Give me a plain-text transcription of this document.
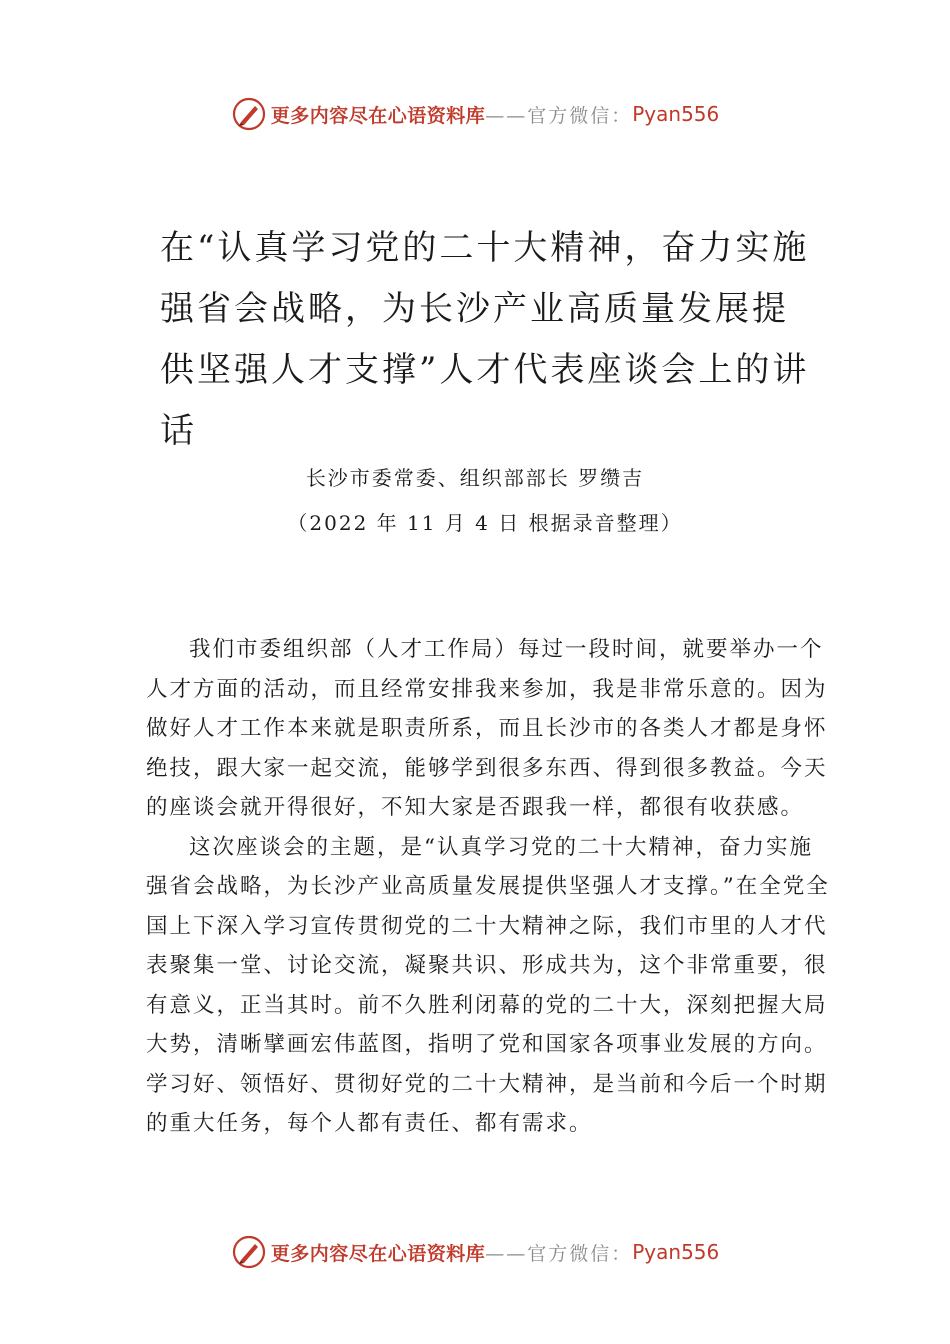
更多内容尽在心语资料库 ——官方微信： Pyan556
在“认真学习党的二十大精神，奋力实施强省会战略，为长沙产业高质量发展提供坚强人才支撑”人才代表座谈会上的讲话
长沙市委常委、组织部部长 罗缵吉
（2022 年 11 月 4 日 根据录音整理）

我们市委组织部（人才工作局）每过一段时间，就要举办一个人才方面的活动，而且经常安排我来参加，我是非常乐意的。因为做好人才工作本来就是职责所系，而且长沙市的各类人才都是身怀绝技，跟大家一起交流，能够学到很多东西、得到很多教益。今天的座谈会就开得很好，不知大家是否跟我一样，都很有收获感。

这次座谈会的主题，是“认真学习党的二十大精神，奋力实施强省会战略，为长沙产业高质量发展提供坚强人才支撑。”在全党全国上下深入学习宣传贯彻党的二十大精神之际，我们市里的人才代表聚集一堂、讨论交流，凝聚共识、形成共为，这个非常重要，很有意义，正当其时。前不久胜利闭幕的党的二十大，深刻把握大局大势，清晰擘画宏伟蓝图，指明了党和国家各项事业发展的方向。学习好、领悟好、贯彻好党的二十大精神，是当前和今后一个时期的重大任务，每个人都有责任、都有需求。

更多内容尽在心语资料库 ——官方微信： Pyan556
